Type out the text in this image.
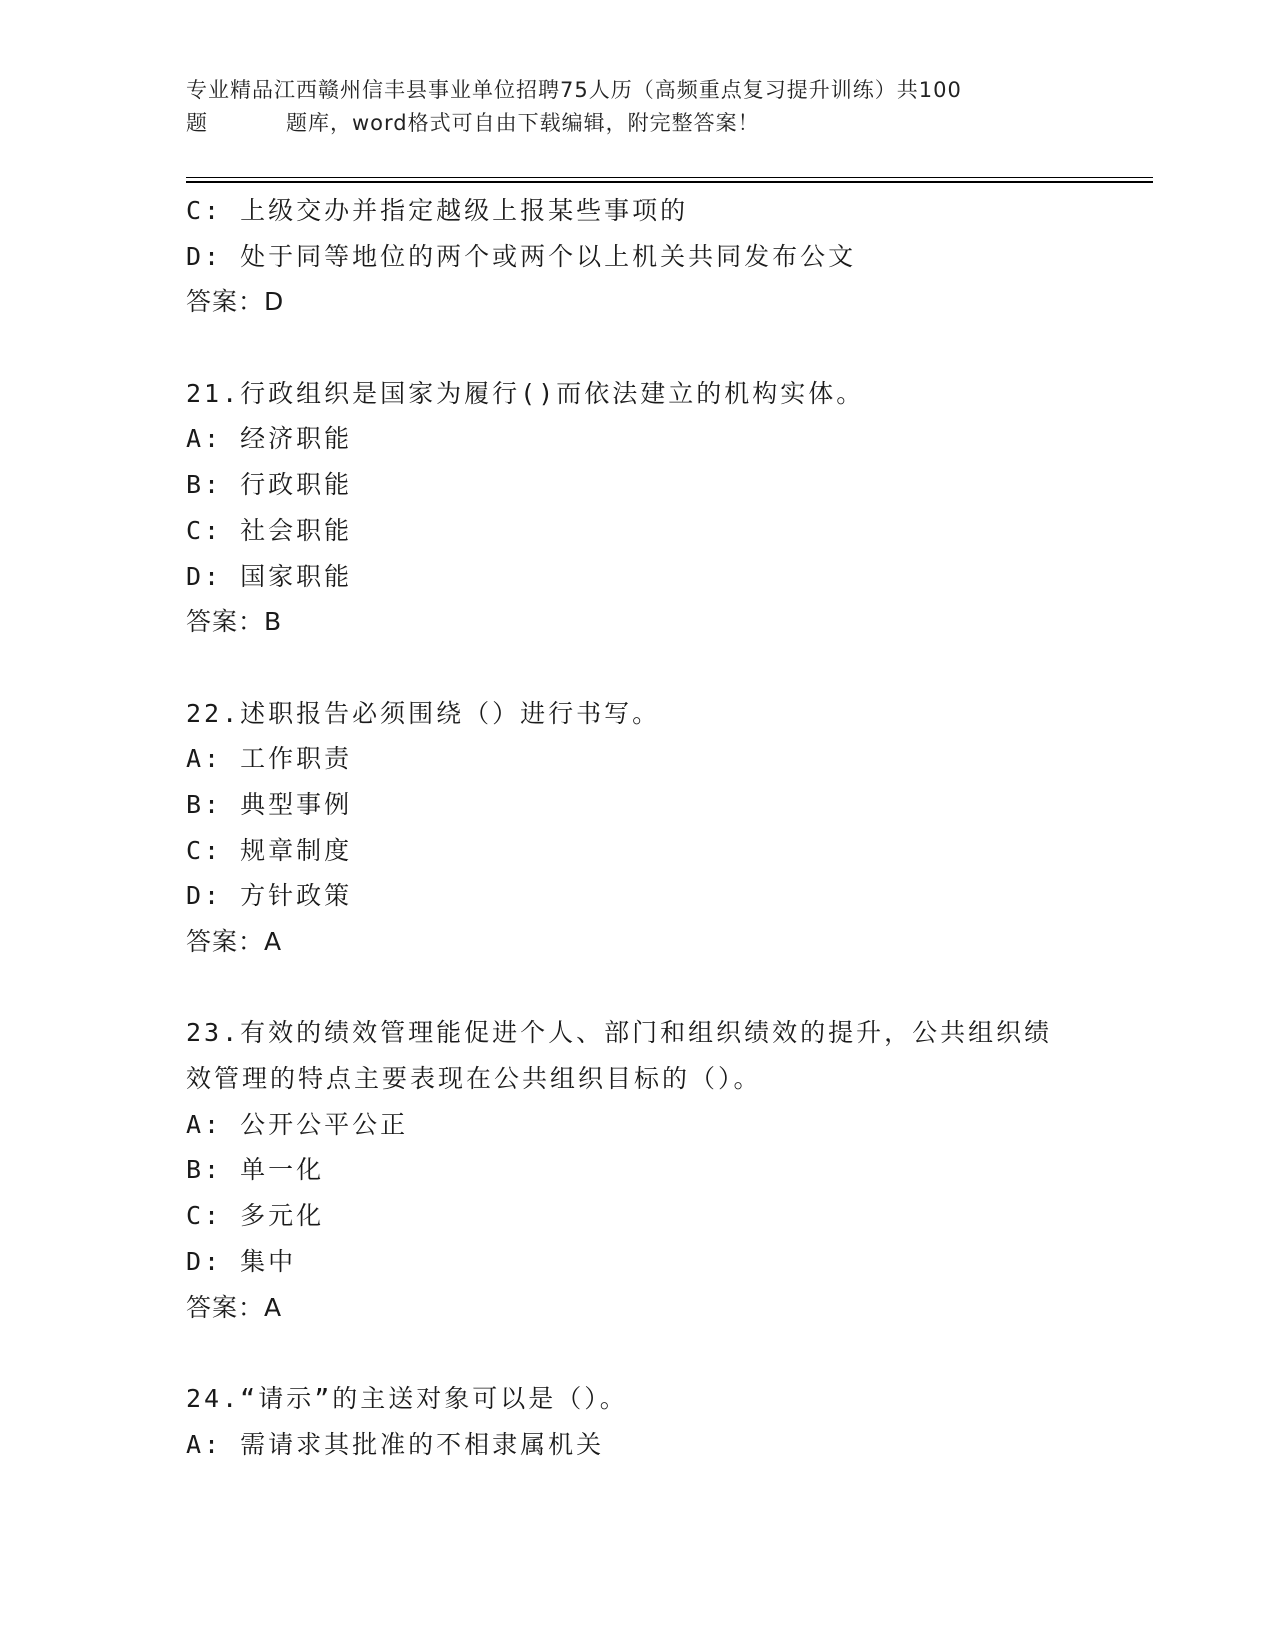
专业精品江西赣州信丰县事业单位招聘75人历（高频重点复习提升训练）共100
题	题库，word格式可自由下载编辑，附完整答案！
C: 上级交办并指定越级上报某些事项的
D: 处于同等地位的两个或两个以上机关共同发布公文
答案：D
21.行政组织是国家为履行()而依法建立的机构实体。
A: 经济职能
B: 行政职能
C: 社会职能
D: 国家职能
答案：B
22.述职报告必须围绕（）进行书写。
A: 工作职责
B: 典型事例
C: 规章制度
D: 方针政策
答案：A
23.有效的绩效管理能促进个人、部门和组织绩效的提升，公共组织绩
效管理的特点主要表现在公共组织目标的（）。
A: 公开公平公正
B: 单一化
C: 多元化
D: 集中
答案：A
24.“请示”的主送对象可以是（）。
A: 需请求其批准的不相隶属机关
